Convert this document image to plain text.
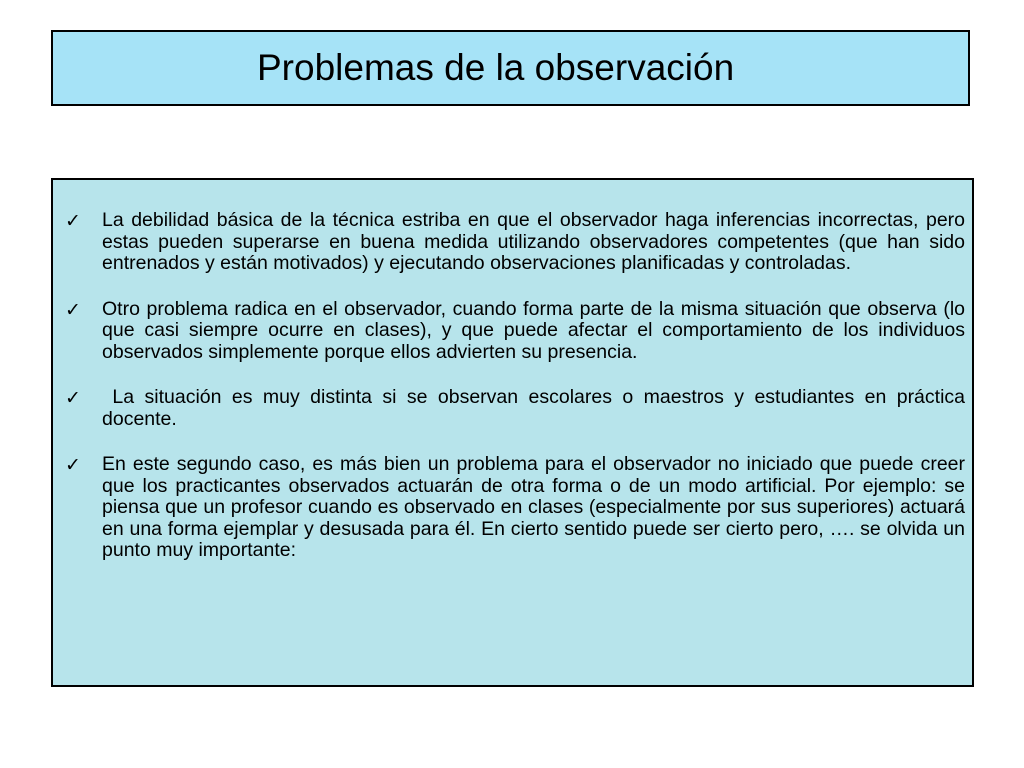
Problemas de la observación
✓ La debilidad básica de la técnica estriba en que el observador haga inferencias incorrectas, pero estas pueden superarse en buena medida utilizando observadores competentes (que han sido entrenados y están motivados) y ejecutando observaciones planificadas y controladas.
✓ Otro problema radica en el observador, cuando forma parte de la misma situación que observa (lo que casi siempre ocurre en clases), y que puede afectar el comportamiento de los individuos observados simplemente porque ellos advierten su presencia.
✓ La situación es muy distinta si se observan escolares o maestros y estudiantes en práctica docente.
✓ En este segundo caso, es más bien un problema para el observador no iniciado que puede creer que los practicantes observados actuarán de otra forma o de un modo artificial. Por ejemplo: se piensa que un profesor cuando es observado en clases (especialmente por sus superiores) actuará en una forma ejemplar y desusada para él. En cierto sentido puede ser cierto pero, …. se olvida un punto muy importante:
